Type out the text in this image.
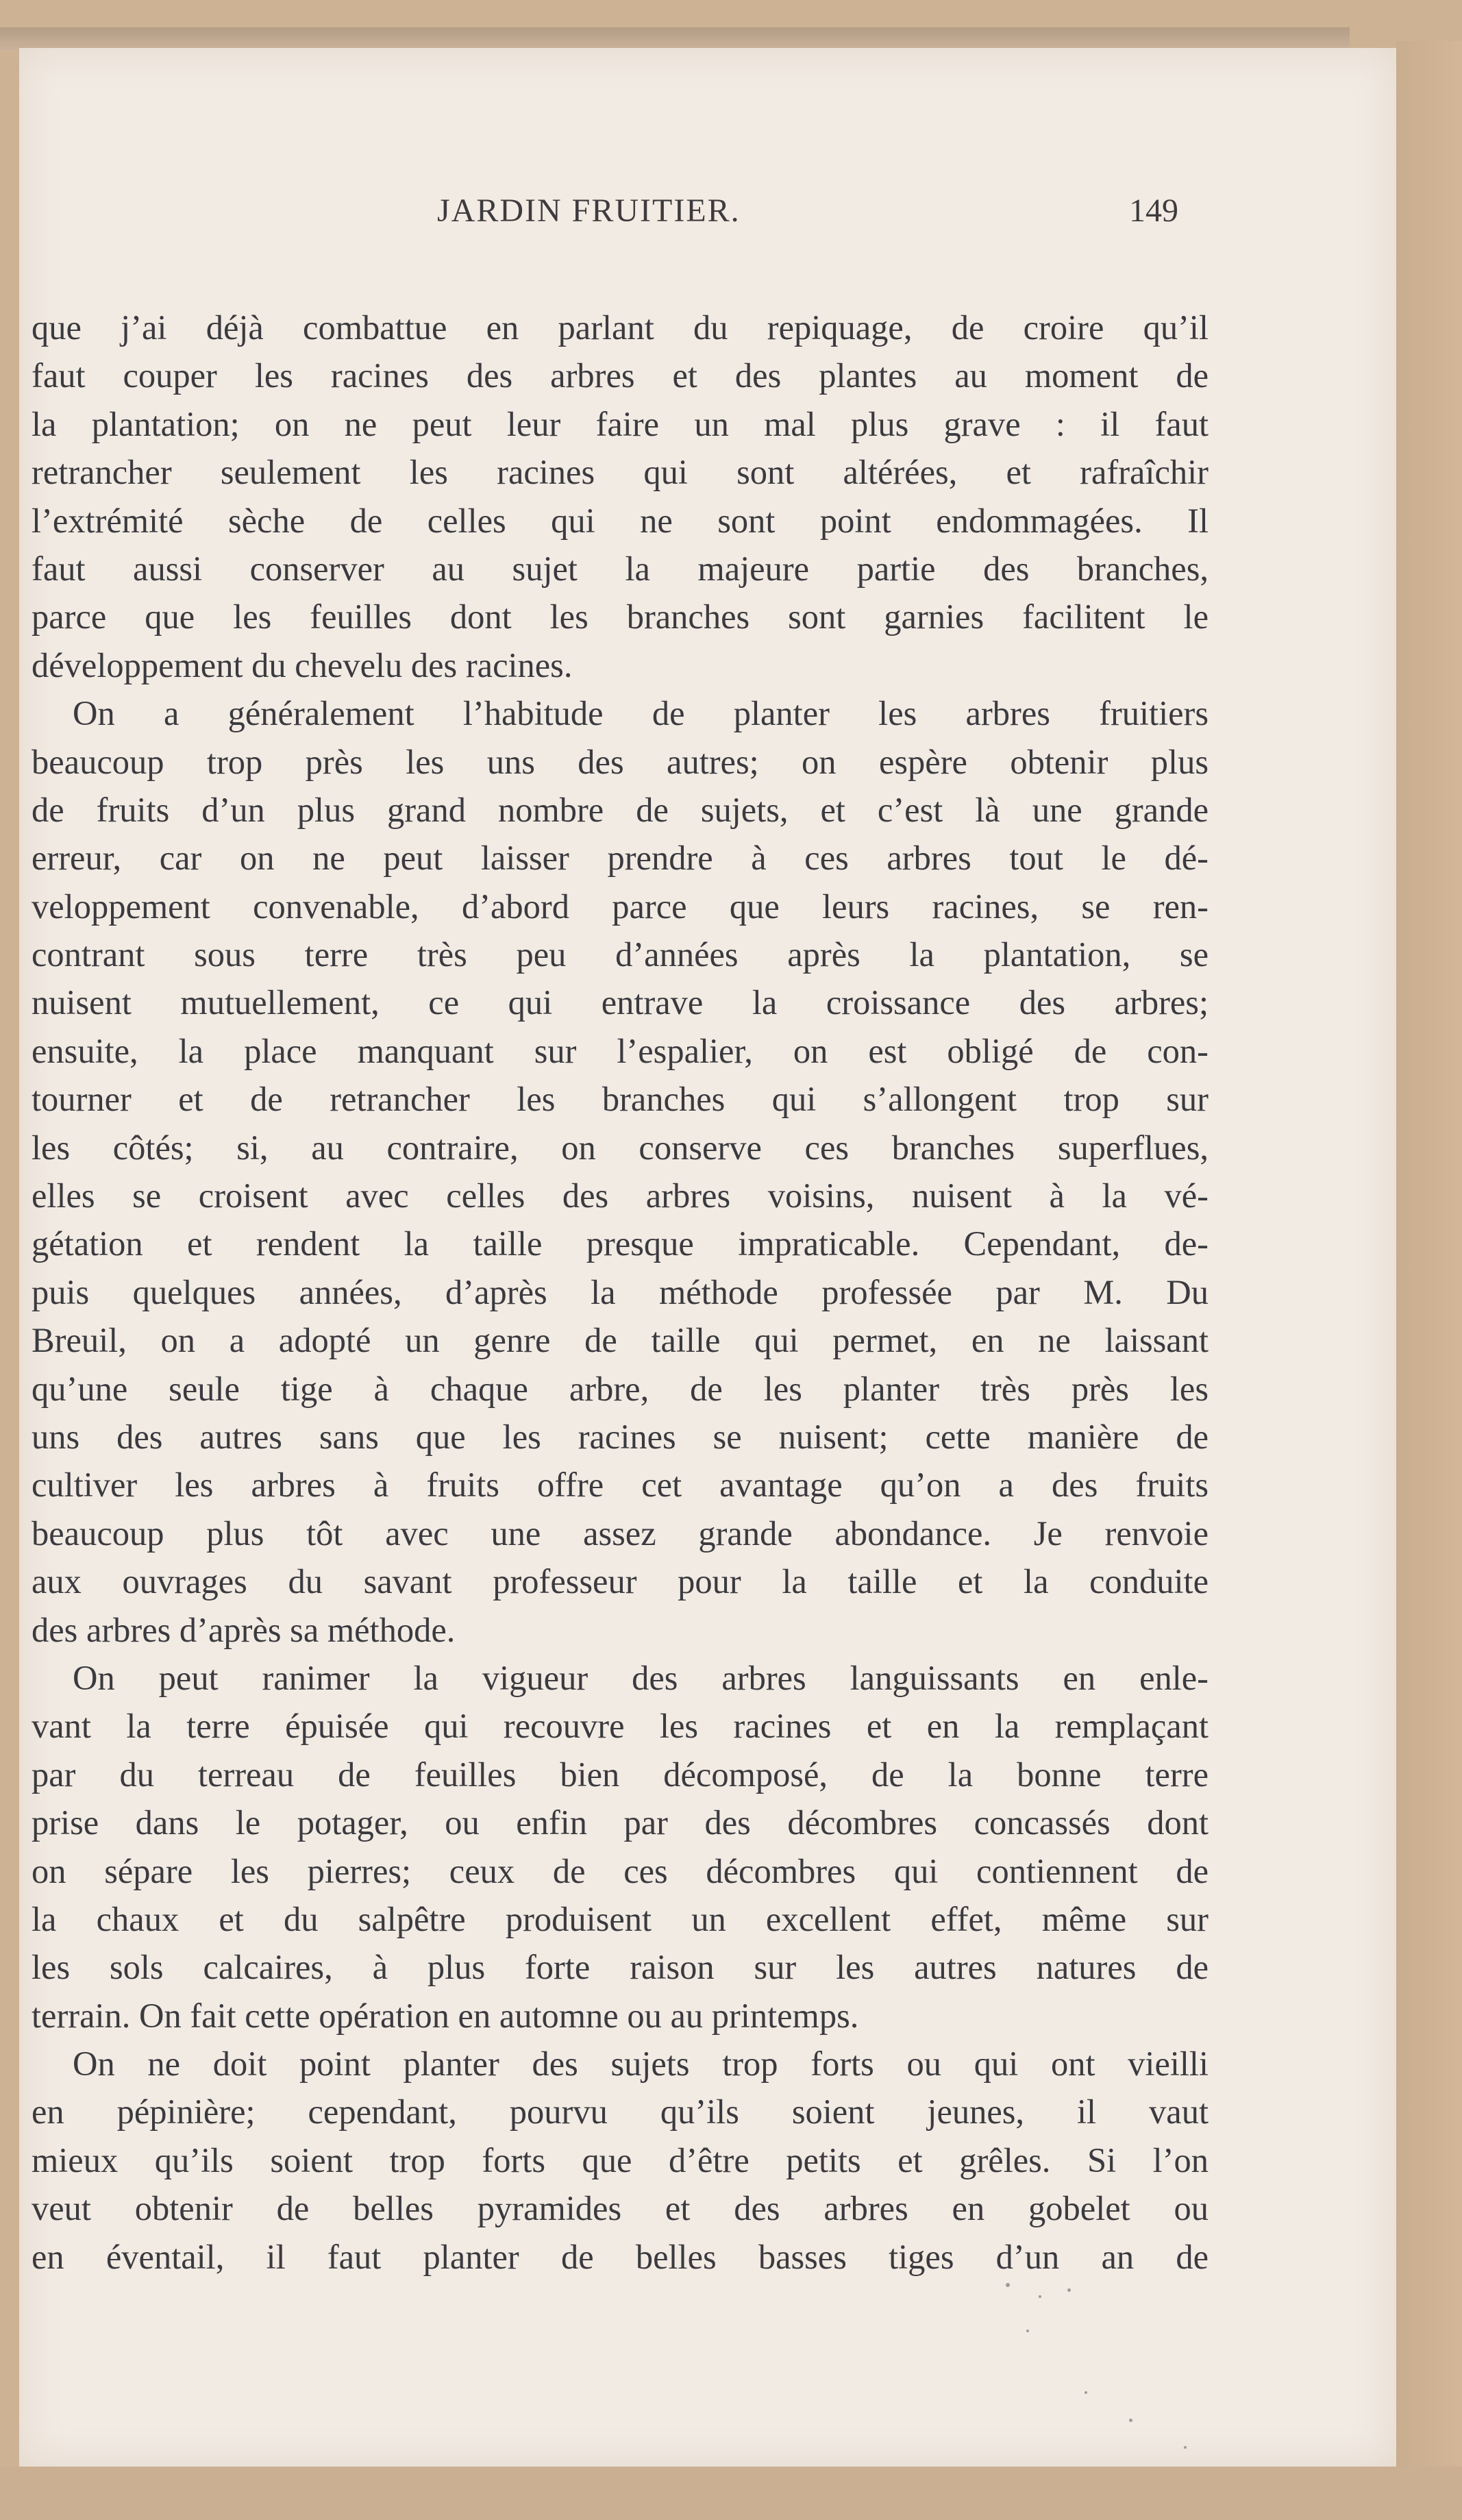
JARDIN FRUITIER.	149
que j’ai déjà combattue en parlant du repiquage, de croire qu’il
faut couper les racines des arbres et des plantes au moment de
la plantation; on ne peut leur faire un mal plus grave : il faut
retrancher seulement les racines qui sont altérées, et rafraîchir
l’extrémité sèche de celles qui ne sont point endommagées. Il
faut aussi conserver au sujet la majeure partie des branches,
parce que les feuilles dont les branches sont garnies facilitent le
développement du chevelu des racines.
On a généralement l’habitude de planter les arbres fruitiers
beaucoup trop près les uns des autres; on espère obtenir plus
de fruits d’un plus grand nombre de sujets, et c’est là une grande
erreur, car on ne peut laisser prendre à ces arbres tout le dé-
veloppement convenable, d’abord parce que leurs racines, se ren-
contrant sous terre très peu d’années après la plantation, se
nuisent mutuellement, ce qui entrave la croissance des arbres;
ensuite, la place manquant sur l’espalier, on est obligé de con-
tourner et de retrancher les branches qui s’allongent trop sur
les côtés; si, au contraire, on conserve ces branches superflues,
elles se croisent avec celles des arbres voisins, nuisent à la vé-
gétation et rendent la taille presque impraticable. Cependant, de-
puis quelques années, d’après la méthode professée par M. Du
Breuil, on a adopté un genre de taille qui permet, en ne laissant
qu’une seule tige à chaque arbre, de les planter très près les
uns des autres sans que les racines se nuisent; cette manière de
cultiver les arbres à fruits offre cet avantage qu’on a des fruits
beaucoup plus tôt avec une assez grande abondance. Je renvoie
aux ouvrages du savant professeur pour la taille et la conduite
des arbres d’après sa méthode.
On peut ranimer la vigueur des arbres languissants en enle-
vant la terre épuisée qui recouvre les racines et en la remplaçant
par du terreau de feuilles bien décomposé, de la bonne terre
prise dans le potager, ou enfin par des décombres concassés dont
on sépare les pierres; ceux de ces décombres qui contiennent de
la chaux et du salpêtre produisent un excellent effet, même sur
les sols calcaires, à plus forte raison sur les autres natures de
terrain. On fait cette opération en automne ou au printemps.
On ne doit point planter des sujets trop forts ou qui ont vieilli
en pépinière; cependant, pourvu qu’ils soient jeunes, il vaut
mieux qu’ils soient trop forts que d’être petits et grêles. Si l’on
veut obtenir de belles pyramides et des arbres en gobelet ou
en éventail, il faut planter de belles basses tiges d’un an de
